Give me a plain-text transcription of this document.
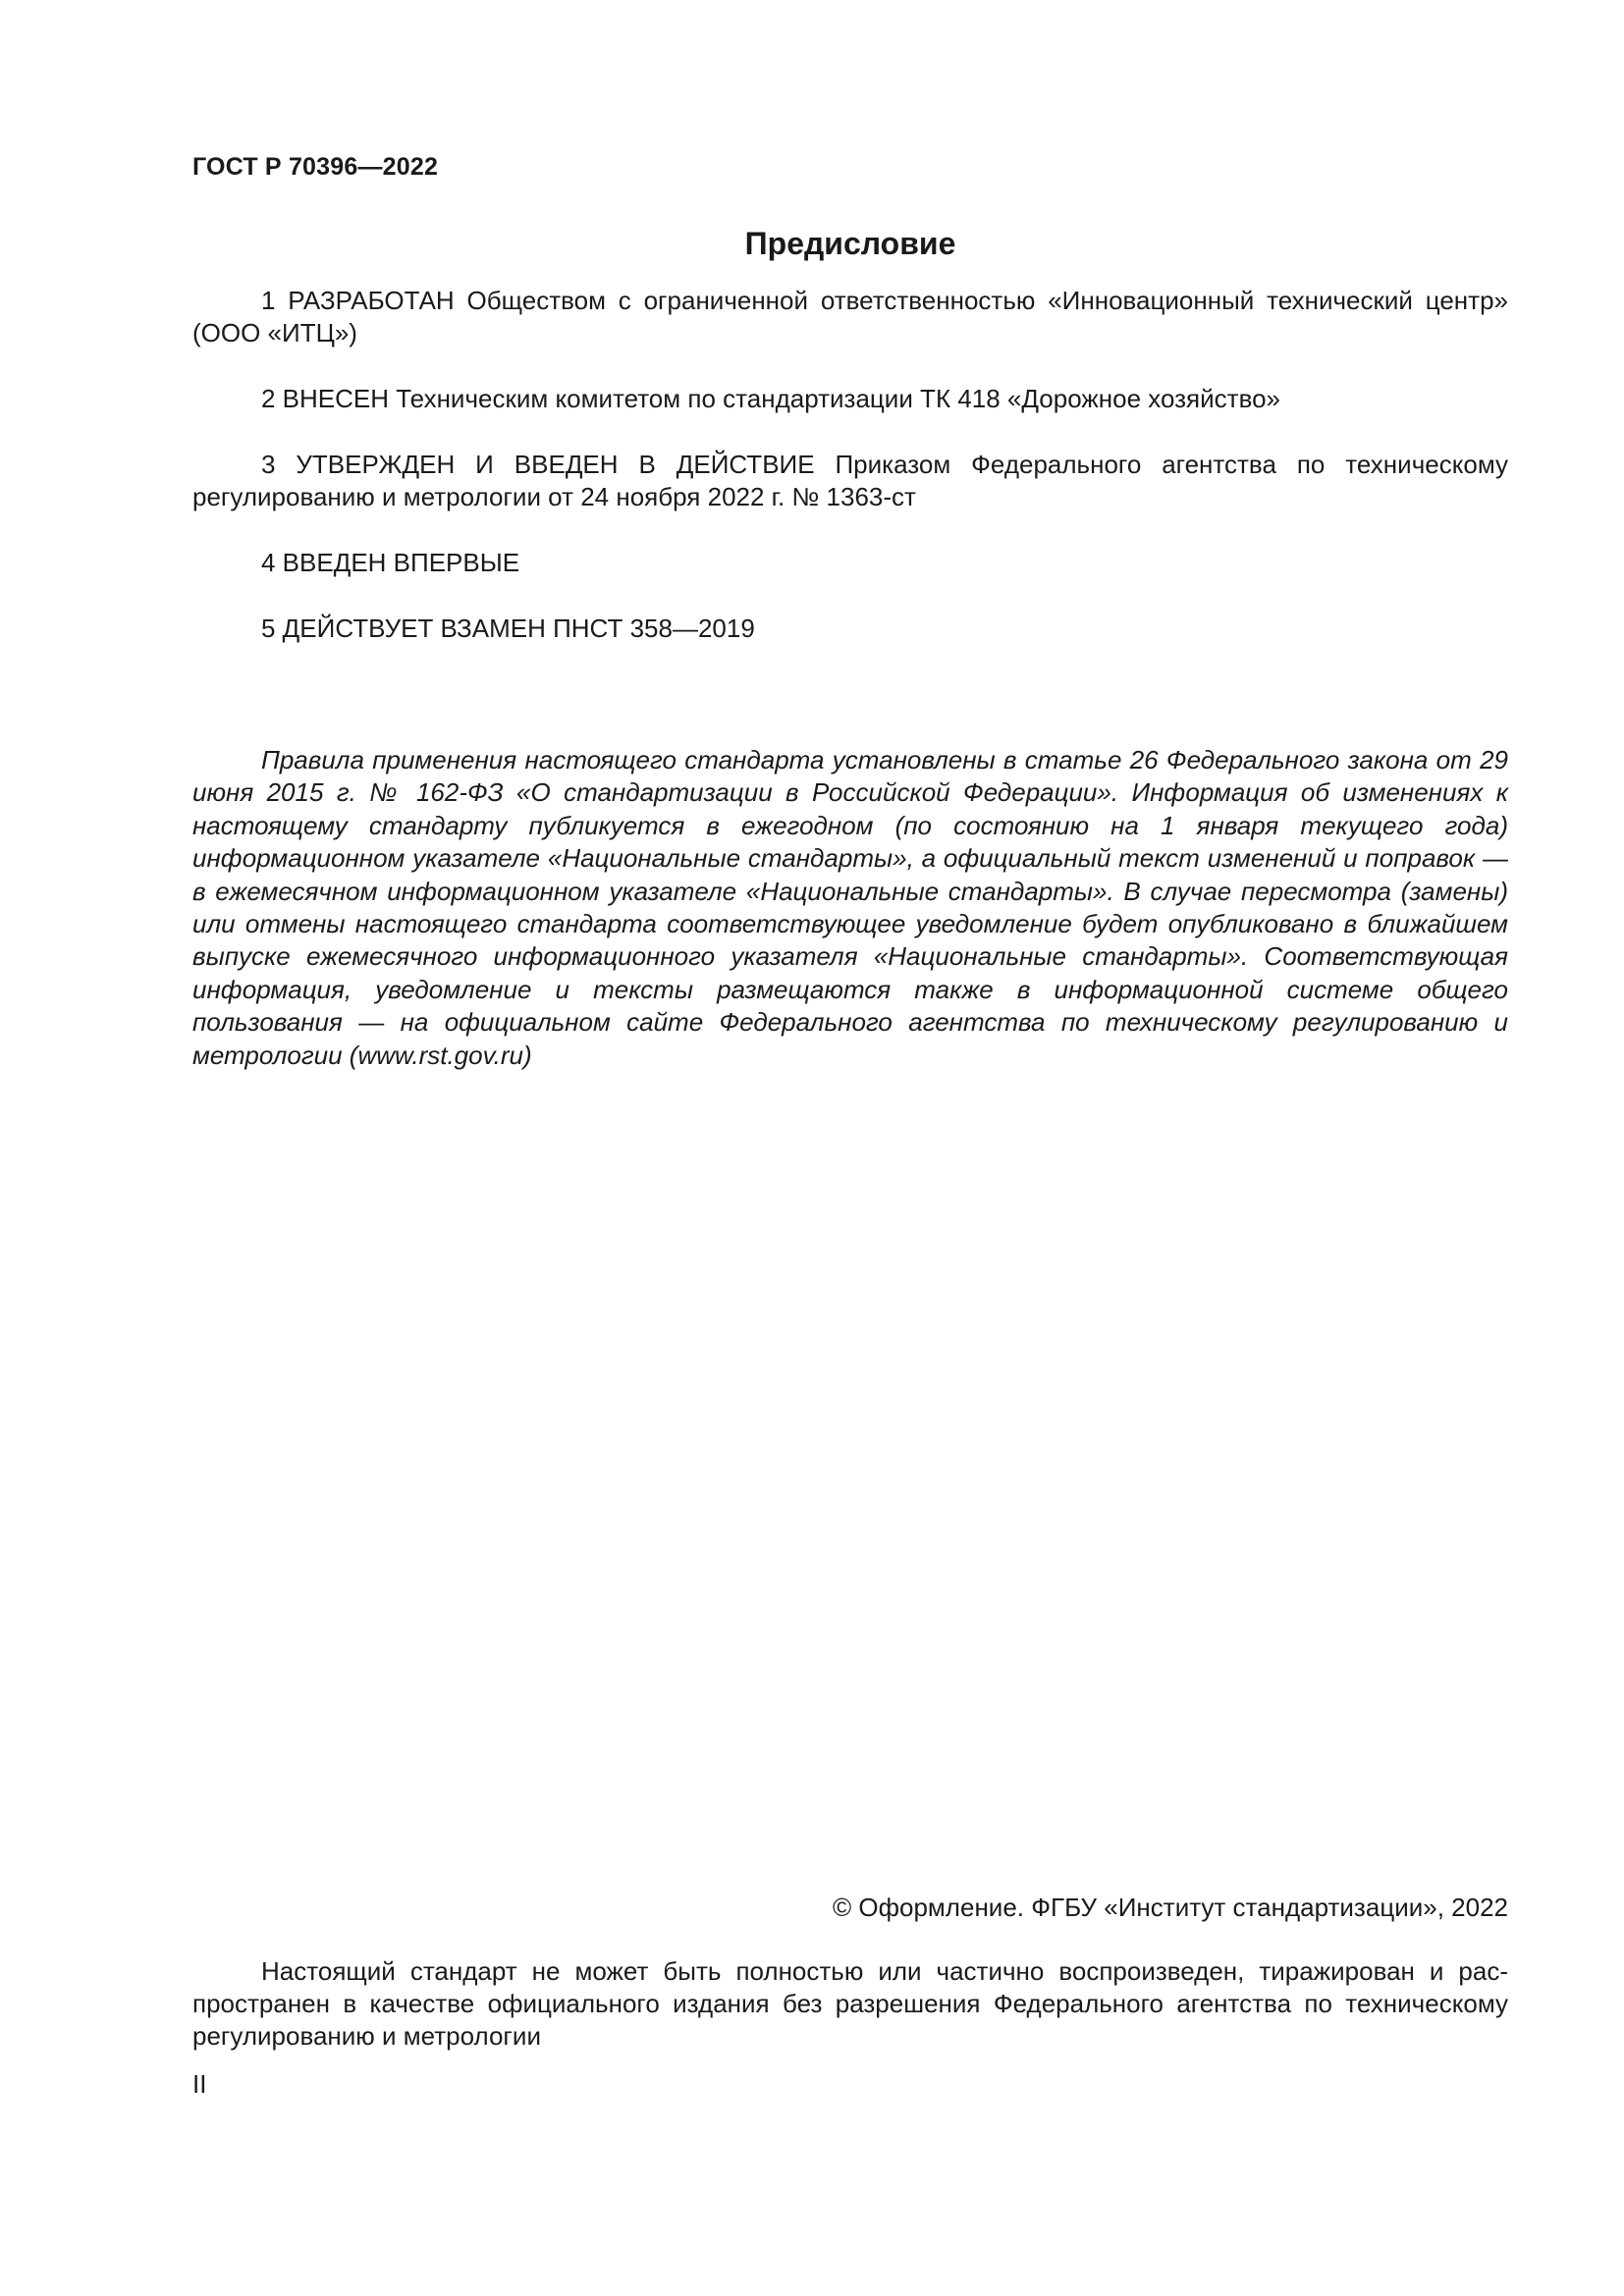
ГОСТ Р 70396—2022
Предисловие

1 РАЗРАБОТАН Обществом с ограниченной ответственностью «Инновационный технический центр» (ООО «ИТЦ»)

2 ВНЕСЕН Техническим комитетом по стандартизации ТК 418 «Дорожное хозяйство»

3 УТВЕРЖДЕН И ВВЕДЕН В ДЕЙСТВИЕ Приказом Федерального агентства по техническому регулированию и метрологии от 24 ноября 2022 г. № 1363-ст

4 ВВЕДЕН ВПЕРВЫЕ

5 ДЕЙСТВУЕТ ВЗАМЕН ПНСТ 358—2019

Правила применения настоящего стандарта установлены в статье 26 Федерального закона от 29 июня 2015 г. № 162-ФЗ «О стандартизации в Российской Федерации». Информация об изменениях к настоящему стандарту публикуется в ежегодном (по состоянию на 1 января текущего года) информационном указателе «Национальные стандарты», а официальный текст изменений и поправок — в ежемесячном информационном указателе «Национальные стандарты». В случае пересмотра (замены) или отмены настоящего стандарта соответствующее уведомление будет опубликовано в ближайшем выпуске ежемесячного информационного указателя «Национальные стандарты». Соответствующая информация, уведомление и тексты размещаются также в информационной системе общего пользования — на официальном сайте Федерального агентства по техническому регулированию и метрологии (www.rst.gov.ru)

© Оформление. ФГБУ «Институт стандартизации», 2022

Настоящий стандарт не может быть полностью или частично воспроизведен, тиражирован и распространен в качестве официального издания без разрешения Федерального агентства по техническому регулированию и метрологии

II
